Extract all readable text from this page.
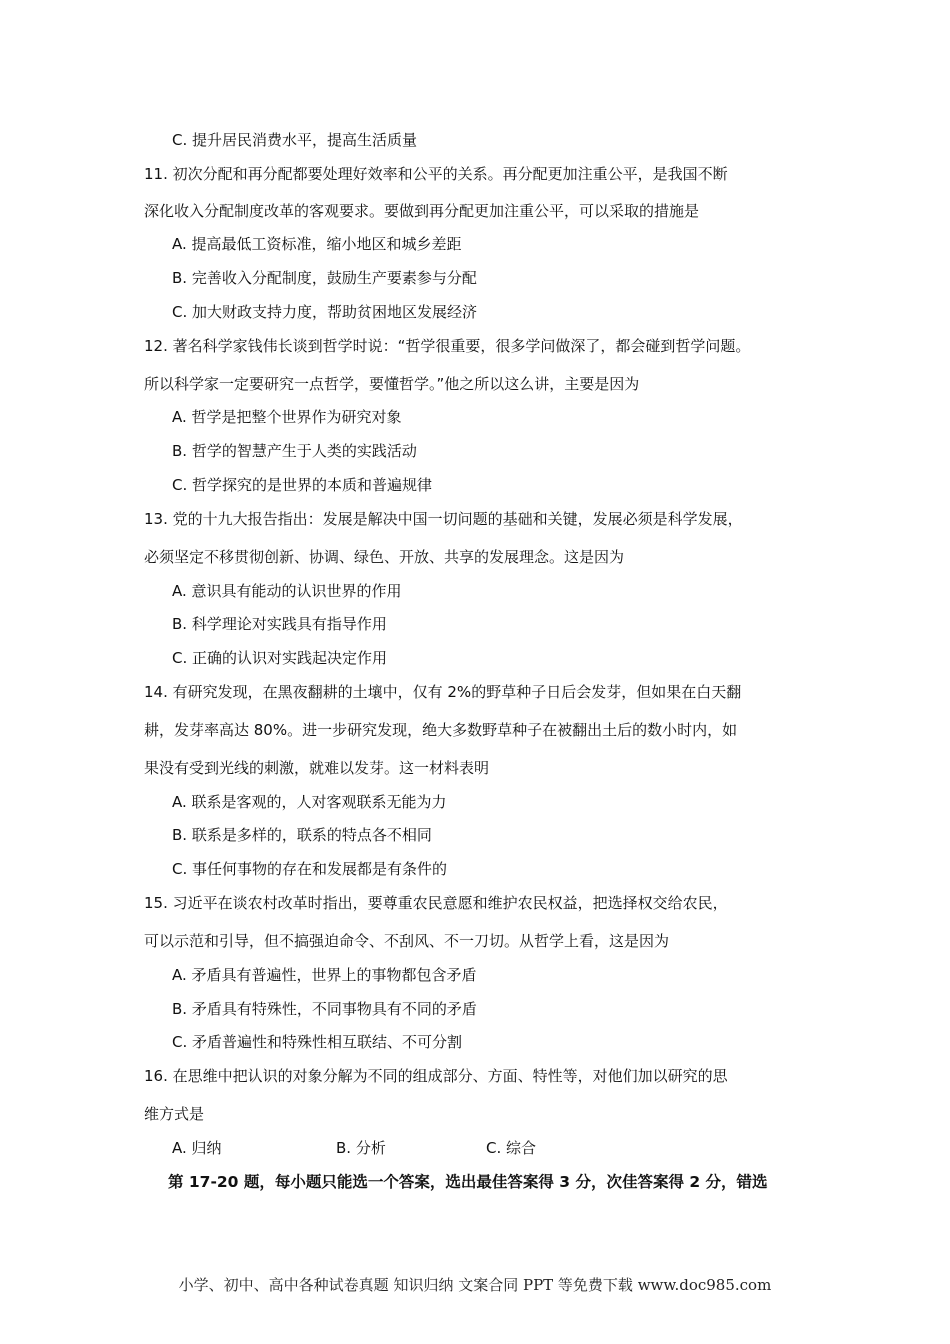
C. 提升居民消费水平，提高生活质量
11. 初次分配和再分配都要处理好效率和公平的关系。再分配更加注重公平，是我国不断
深化收入分配制度改革的客观要求。要做到再分配更加注重公平，可以采取的措施是
A. 提高最低工资标准，缩小地区和城乡差距
B. 完善收入分配制度，鼓励生产要素参与分配
C. 加大财政支持力度，帮助贫困地区发展经济
12. 著名科学家钱伟长谈到哲学时说：“哲学很重要，很多学问做深了，都会碰到哲学问题。
所以科学家一定要研究一点哲学，要懂哲学。”他之所以这么讲，主要是因为
A. 哲学是把整个世界作为研究对象
B. 哲学的智慧产生于人类的实践活动
C. 哲学探究的是世界的本质和普遍规律
13. 党的十九大报告指出：发展是解决中国一切问题的基础和关键，发展必须是科学发展，
必须坚定不移贯彻创新、协调、绿色、开放、共享的发展理念。这是因为
A. 意识具有能动的认识世界的作用
B. 科学理论对实践具有指导作用
C. 正确的认识对实践起决定作用
14. 有研究发现，在黑夜翻耕的土壤中，仅有 2%的野草种子日后会发芽，但如果在白天翻
耕，发芽率高达 80%。进一步研究发现，绝大多数野草种子在被翻出土后的数小时内，如
果没有受到光线的刺激，就难以发芽。这一材料表明
A. 联系是客观的，人对客观联系无能为力
B. 联系是多样的，联系的特点各不相同
C. 事任何事物的存在和发展都是有条件的
15. 习近平在谈农村改革时指出，要尊重农民意愿和维护农民权益，把选择权交给农民，
可以示范和引导，但不搞强迫命令、不刮风、不一刀切。从哲学上看，这是因为
A. 矛盾具有普遍性，世界上的事物都包含矛盾
B. 矛盾具有特殊性，不同事物具有不同的矛盾
C. 矛盾普遍性和特殊性相互联结、不可分割
16. 在思维中把认识的对象分解为不同的组成部分、方面、特性等，对他们加以研究的思
维方式是
A. 归纳	B. 分析	C. 综合
第 17-20 题，每小题只能选一个答案，选出最佳答案得 3 分，次佳答案得 2 分，错选
小学、初中、高中各种试卷真题 知识归纳 文案合同 PPT 等免费下载 www.doc985.com
